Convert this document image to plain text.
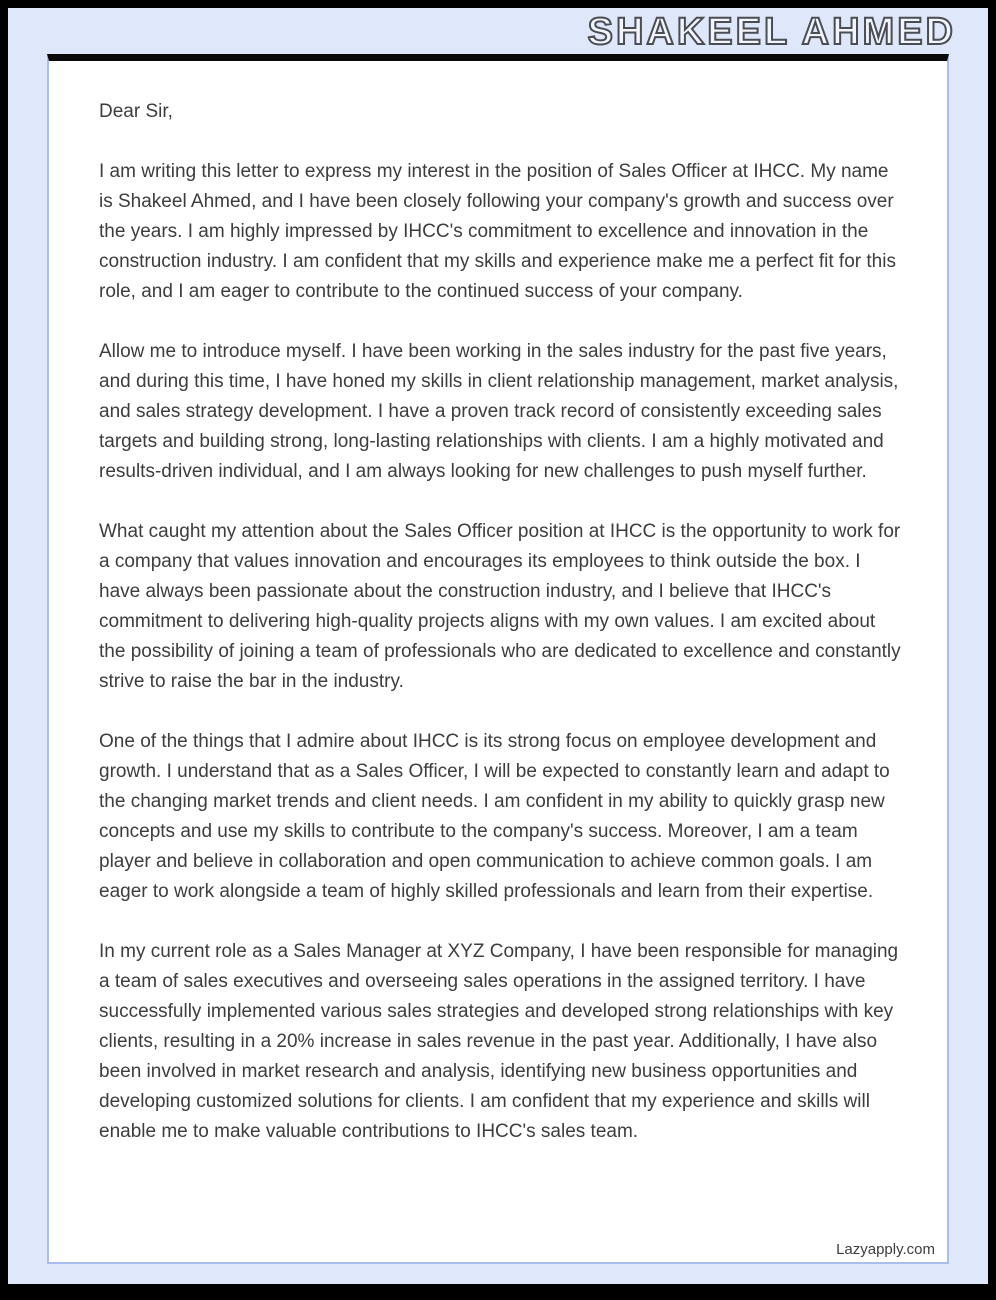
SHAKEEL AHMED

Dear Sir,

I am writing this letter to express my interest in the position of Sales Officer at IHCC. My name is Shakeel Ahmed, and I have been closely following your company's growth and success over the years. I am highly impressed by IHCC's commitment to excellence and innovation in the construction industry. I am confident that my skills and experience make me a perfect fit for this role, and I am eager to contribute to the continued success of your company.

Allow me to introduce myself. I have been working in the sales industry for the past five years, and during this time, I have honed my skills in client relationship management, market analysis, and sales strategy development. I have a proven track record of consistently exceeding sales targets and building strong, long-lasting relationships with clients. I am a highly motivated and results-driven individual, and I am always looking for new challenges to push myself further.

What caught my attention about the Sales Officer position at IHCC is the opportunity to work for a company that values innovation and encourages its employees to think outside the box. I have always been passionate about the construction industry, and I believe that IHCC's commitment to delivering high-quality projects aligns with my own values. I am excited about the possibility of joining a team of professionals who are dedicated to excellence and constantly strive to raise the bar in the industry.

One of the things that I admire about IHCC is its strong focus on employee development and growth. I understand that as a Sales Officer, I will be expected to constantly learn and adapt to the changing market trends and client needs. I am confident in my ability to quickly grasp new concepts and use my skills to contribute to the company's success. Moreover, I am a team player and believe in collaboration and open communication to achieve common goals. I am eager to work alongside a team of highly skilled professionals and learn from their expertise.

In my current role as a Sales Manager at XYZ Company, I have been responsible for managing a team of sales executives and overseeing sales operations in the assigned territory. I have successfully implemented various sales strategies and developed strong relationships with key clients, resulting in a 20% increase in sales revenue in the past year. Additionally, I have also been involved in market research and analysis, identifying new business opportunities and developing customized solutions for clients. I am confident that my experience and skills will enable me to make valuable contributions to IHCC's sales team.

Lazyapply.com
